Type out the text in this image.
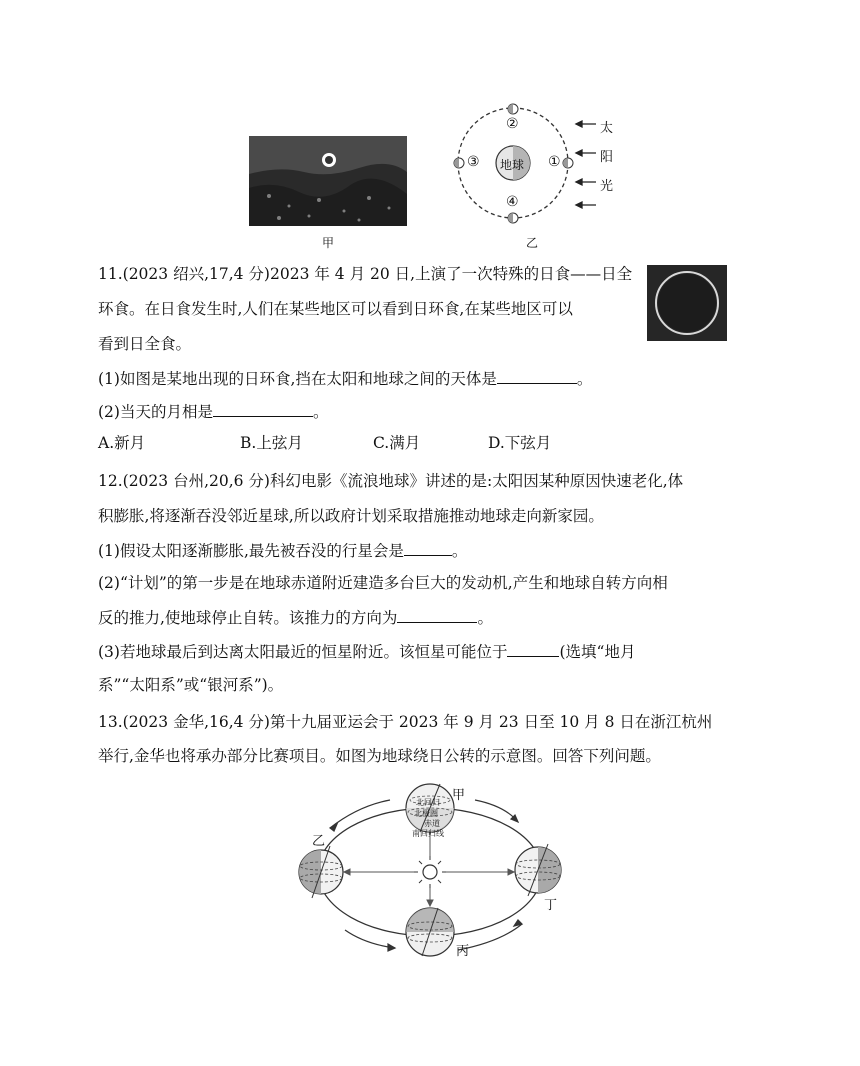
甲
地球 ①
②
③
④
太
阳
光
乙
11.(2023 绍兴,17,4 分)2023 年 4 月 20 日,上演了一次特殊的日食——日全
环食。在日食发生时,人们在某些地区可以看到日环食,在某些地区可以
看到日全食。
(1)如图是某地出现的日环食,挡在太阳和地球之间的天体是	。
(2)当天的月相是	。
A.新月	B.上弦月	C.满月	D.下弦月
12.(2023 台州,20,6 分)科幻电影《流浪地球》讲述的是:太阳因某种原因快速老化,体
积膨胀,将逐渐吞没邻近星球,所以政府计划采取措施推动地球走向新家园。
(1)假设太阳逐渐膨胀,最先被吞没的行星会是	。
(2)“计划”的第一步是在地球赤道附近建造多台巨大的发动机,产生和地球自转方向相
反的推力,使地球停止自转。该推力的方向为	。
(3)若地球最后到达离太阳最近的恒星附近。该恒星可能位于	(选填“地月
系”“太阳系”或“银河系”)。
13.(2023 金华,16,4 分)第十九届亚运会于 2023 年 9 月 23 日至 10 月 8 日在浙江杭州
举行,金华也将承办部分比赛项目。如图为地球绕日公转的示意图。回答下列问题。
甲
北回归
北极圈
赤道
南回归线
乙
丁
丙
